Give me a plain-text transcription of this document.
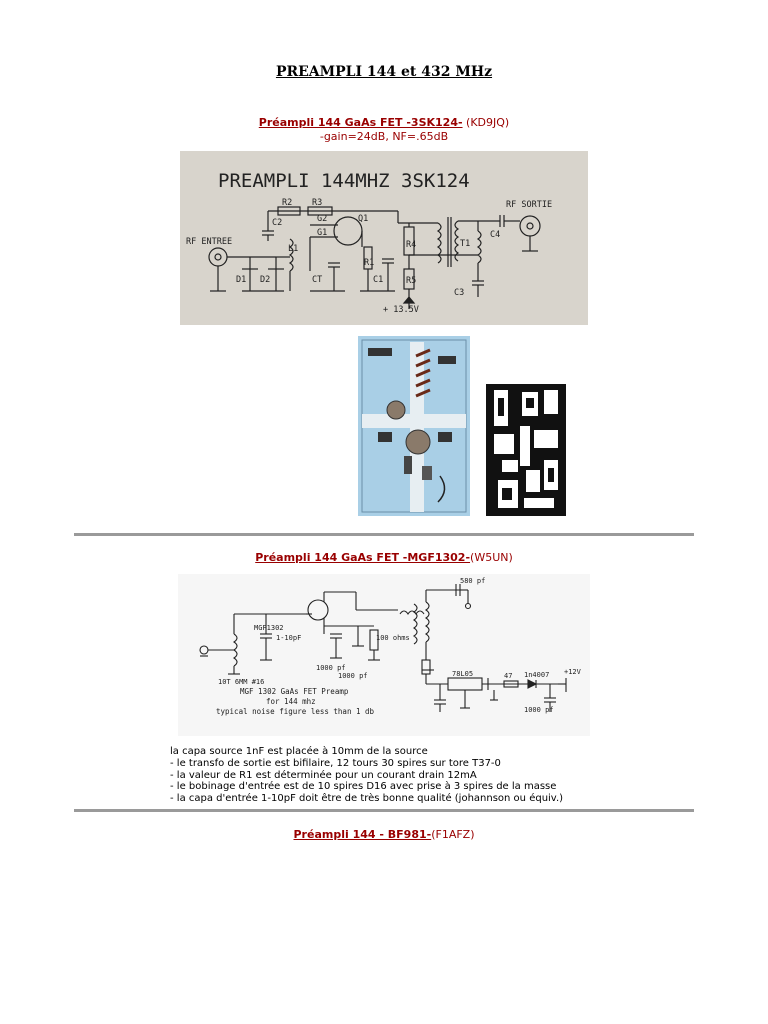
PREAMPLI 144 et 432 MHz
Préampli 144 GaAs FET -3SK124- (KD9JQ)
-gain=24dB, NF=.65dB
PREAMPLI 144MHZ 3SK124
RF ENTREE
RF SORTIE
+ 13.5V
R2 R3
C2	G2	Q1
G1
L1
D1 D2	CT
R1
C1
R4
R5
T1
C4
C3
Préampli 144 GaAs FET -MGF1302-(W5UN)
MGF1302
580 pf
1-10pF
10T 6MM #16
1000 pf
1000 pf
100 ohms
78L05	1n4007 +12V
47
1000 pf
MGF 1302 GaAs FET Preamp
for 144 mhz
typical noise figure less than 1 db
la capa source 1nF est placée à 10mm de la source
- le transfo de sortie est bifilaire, 12 tours 30 spires sur tore T37-0
- la valeur de R1 est déterminée pour un courant drain 12mA
- le bobinage d'entrée est de 10 spires D16 avec prise à 3 spires de la masse
- la capa d'entrée 1-10pF doit être de très bonne qualité (johannson ou équiv.)
Préampli 144 - BF981-(F1AFZ)
